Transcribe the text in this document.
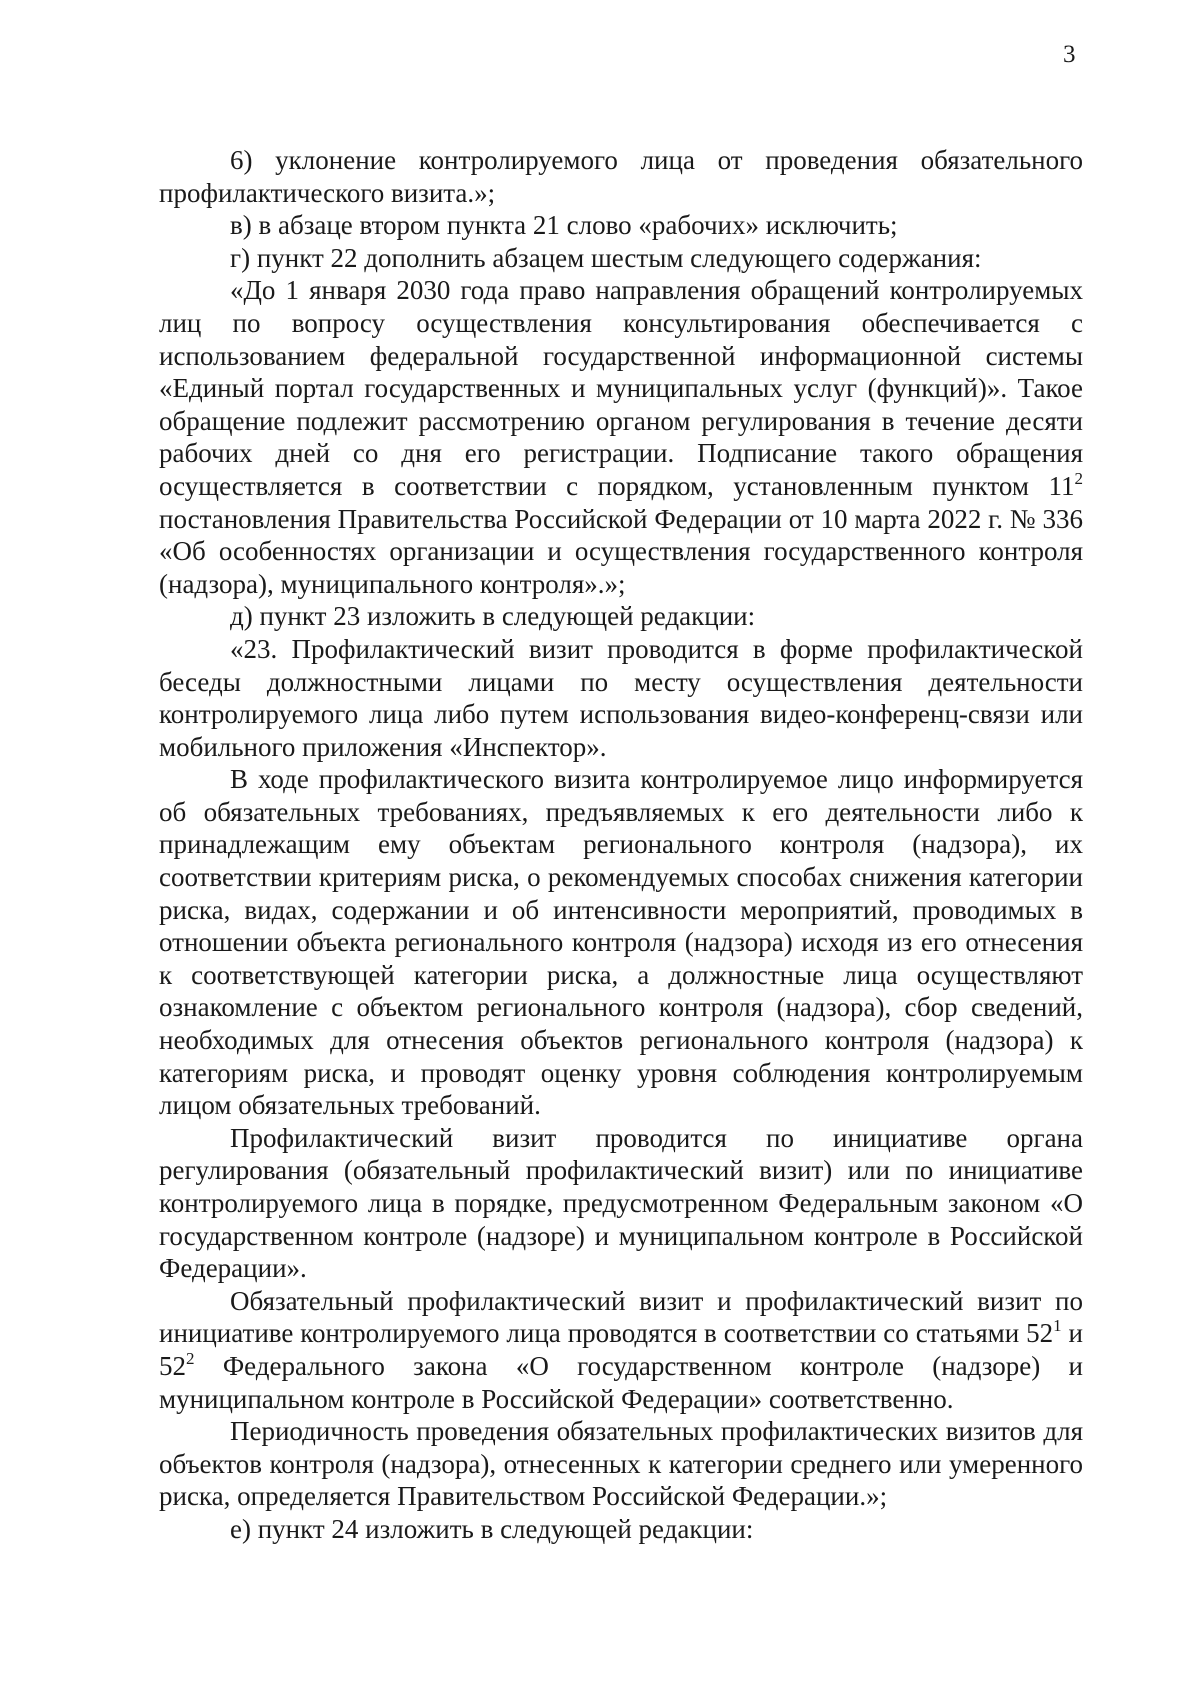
3

6) уклонение контролируемого лица от проведения обязательного профилактического визита.»;

в) в абзаце втором пункта 21 слово «рабочих» исключить;

г) пункт 22 дополнить абзацем шестым следующего содержания:

«До 1 января 2030 года право направления обращений контролируемых лиц по вопросу осуществления консультирования обеспечивается с использованием федеральной государственной информационной системы «Единый портал государственных и муниципальных услуг (функций)». Такое обращение подлежит рассмотрению органом регулирования в течение десяти рабочих дней со дня его регистрации. Подписание такого обращения осуществляется в соответствии с порядком, установленным пунктом $11^2$ постановления Правительства Российской Федерации от 10 марта 2022 г. № 336 «Об особенностях организации и осуществления государственного контроля (надзора), муниципального контроля».»;

д) пункт 23 изложить в следующей редакции:

«23. Профилактический визит проводится в форме профилактической беседы должностными лицами по месту осуществления деятельности контролируемого лица либо путем использования видео-конференц-связи или мобильного приложения «Инспектор».

В ходе профилактического визита контролируемое лицо информируется об обязательных требованиях, предъявляемых к его деятельности либо к принадлежащим ему объектам регионального контроля (надзора), их соответствии критериям риска, о рекомендуемых способах снижения категории риска, видах, содержании и об интенсивности мероприятий, проводимых в отношении объекта регионального контроля (надзора) исходя из его отнесения к соответствующей категории риска, а должностные лица осуществляют ознакомление с объектом регионального контроля (надзора), сбор сведений, необходимых для отнесения объектов регионального контроля (надзора) к категориям риска, и проводят оценку уровня соблюдения контролируемым лицом обязательных требований.

Профилактический визит проводится по инициативе органа регулирования (обязательный профилактический визит) или по инициативе контролируемого лица в порядке, предусмотренном Федеральным законом «О государственном контроле (надзоре) и муниципальном контроле в Российской Федерации».

Обязательный профилактический визит и профилактический визит по инициативе контролируемого лица проводятся в соответствии со статьями $52^1$ и $52^2$ Федерального закона «О государственном контроле (надзоре) и муниципальном контроле в Российской Федерации» соответственно.

Периодичность проведения обязательных профилактических визитов для объектов контроля (надзора), отнесенных к категории среднего или умеренного риска, определяется Правительством Российской Федерации.»;

е) пункт 24 изложить в следующей редакции:
